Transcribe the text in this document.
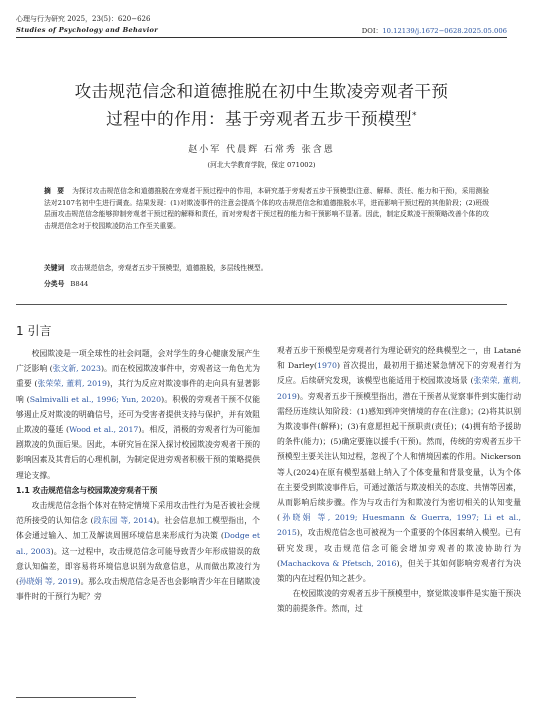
心理与行为研究 2025，23(5)：620−626
Studies of Psychology and Behavior	DOI：10.12139/j.1672−0628.2025.05.006
攻击规范信念和道德推脱在初中生欺凌旁观者干预
过程中的作用：基于旁观者五步干预模型*
赵小军 代晨辉 石常秀 张含恩
(河北大学教育学院，保定 071002)
摘 要 为探讨攻击规范信念和道德推脱在旁观者干预过程中的作用，本研究基于旁观者五步干预模型(注意、解释、责任、能力和干预)，采用测验法对2107名初中生进行调查。结果发现：(1)对欺凌事件的注意会提高个体的攻击规范信念和道德推脱水平，进而影响干预过程的其他阶段；(2)班级层面攻击规范信念能够抑制旁观者干预过程的解释和责任，而对旁观者干预过程的能力和干预影响不显著。因此，制定反欺凌干预策略改善个体的攻击规范信念对于校园欺凌防治工作至关重要。
关键词 攻击规范信念，旁观者五步干预模型，道德推脱，多层线性模型。
分类号 B844
1 引言
校园欺凌是一项全球性的社会问题，会对学生的身心健康发展产生广泛影响 (张文新, 2023)。而在校园欺凌事件中，旁观者这一角色尤为重要 (张荣荣, 董莉, 2019)，其行为反应对欺凌事件的走向具有显著影响 (Salmivalli et al., 1996; Yun, 2020)。积极的旁观者干预不仅能够遏止反对欺凌的明确信号，还可为受害者提供支持与保护，并有效阻止欺凌的蔓延 (Wood et al., 2017)。相反，消极的旁观者行为可能加剧欺凌的负面后果。因此，本研究旨在深入探讨校园欺凌旁观者干预的影响因素及其背后的心理机制，为制定促进旁观者积极干预的策略提供理论支撑。
1.1 攻击规范信念与校园欺凌旁观者干预
攻击规范信念指个体对在特定情境下采用攻击性行为是否被社会规范所接受的认知信念 (段东园 等, 2014)。社会信息加工模型指出，个体会通过输入、加工及解读周围环境信息来形成行为决策 (Dodge et al., 2003)。这一过程中，攻击规范信念可能导致青少年形成错误的敌意认知偏差，即容易将环境信息识别为敌意信息，从而做出欺凌行为 (孙晓娟 等, 2019)。那么攻击规范信念是否也会影响青少年在目睹欺凌事件时的干预行为呢？旁
观者五步干预模型是旁观者行为理论研究的经典模型之一，由 Latané和 Darley(1970) 首次提出，最初用于描述紧急情况下的旁观者行为反应。后续研究发现，该模型也能适用于校园欺凌场景 (张荣荣, 董莉, 2019)。旁观者五步干预模型指出，潜在干预者从觉察事件到实施行动需经历连续认知阶段：(1)感知到冲突情境的存在(注意)；(2)将其识别为欺凌事件(解释)；(3)有意愿担起干预职责(责任)；(4)拥有给予援助的条件(能力)；(5)确定要施以援手(干预)。然而，传统的旁观者五步干预模型主要关注认知过程，忽视了个人和情境因素的作用。Nickerson等人(2024)在原有模型基础上纳入了个体变量和背景变量，认为个体在主要受到欺凌事件后，可通过激活与欺凌相关的态度、共情等因素，从而影响后续步骤。作为与攻击行为和欺凌行为密切相关的认知变量 (孙晓娟 等, 2019; Huesmann & Guerra, 1997; Li et al., 2015)，攻击规范信念也可被视为一个重要的个体因素纳入模型。已有研究发现，攻击规范信念可能会增加旁观者的欺凌协助行为 (Machackova & Pfetsch, 2016)，但关于其如何影响旁观者行为决策的内在过程仍知之甚少。
在校园欺凌的旁观者五步干预模型中，察觉欺凌事件是实施干预决策的前提条件。然而，过
